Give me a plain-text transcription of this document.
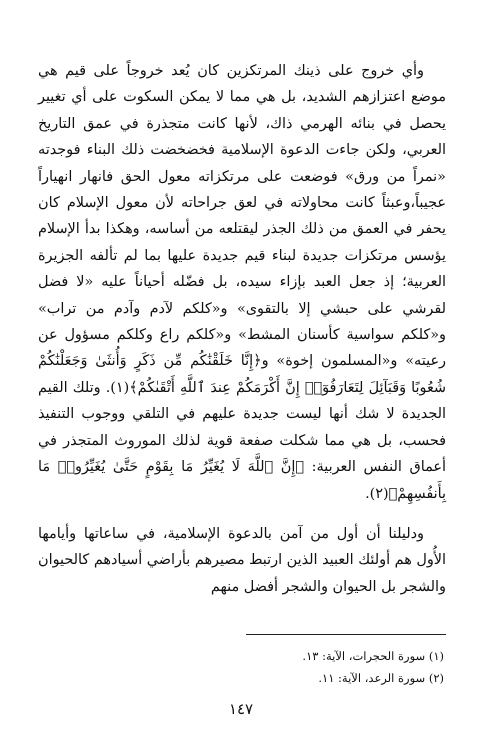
وأي خروج على ذينك المرتكزين كان يُعد خروجاً على قيم هي موضع اعتزازهم الشديد، بل هي مما لا يمكن السكوت على أي تغيير يحصل في بنائه الهرمي ذاك، لأنها كانت متجذرة في عمق التاريخ العربي، ولكن جاءت الدعوة الإسلامية فخضخضت ذلك البناء فوجدته «نمراً من ورق» فوضعت على مرتكزاته معول الحق فانهار انهياراً عجيباً،وعبثاً كانت محاولاته في لعق جراحاته لأن معول الإسلام كان يحفر في العمق من ذلك الجذر ليقتلعه من أساسه، وهكذا بدأ الإسلام يؤسس مرتكزات جديدة لبناء قيم جديدة عليها بما لم تألفه الجزيرة العربية؛ إذ جعل العبد بإزاء سيده، بل فضّله أحياناً عليه «لا فضل لقرشي على حبشي إلا بالتقوى» و«كلكم لآدم وآدم من تراب» و«كلكم سواسية كأسنان المشط» و«كلكم راع وكلكم مسؤول عن رعيته» و«المسلمون إخوة» و﴿إِنَّا خَلَقْنَٰكُم مِّن ذَكَرٍ وَأُنثَىٰ وَجَعَلْنَٰكُمْ شُعُوبًا وَقَبَآئِلَ لِتَعَارَفُوٓا۟ إِنَّ أَكْرَمَكُمْ عِندَ ٱللَّهِ أَتْقَىٰكُمْ﴾(١). وتلك القيم الجديدة لا شك أنها ليست جديدة عليهم في التلقي ووجوب التنفيذ فحسب، بل هي مما شكلت صفعة قوية لذلك الموروث المتجذر في أعماق النفس العربية: ﴿إِنَّ ٱللَّهَ لَا يُغَيِّرُ مَا بِقَوْمٍ حَتَّىٰ يُغَيِّرُوا۟ مَا بِأَنفُسِهِمْ﴾(٢).

ودليلنا أن أول من آمن بالدعوة الإسلامية، في ساعاتها وأيامها الأُول هم أولئك العبيد الذين ارتبط مصيرهم بأراضي أسيادهم كالحيوان والشجر بل الحيوان والشجر أفضل منهم

(١) سورة الحجرات، الآية: ١٣.

(٢) سورة الرعد، الآية: ١١.

١٤٧
